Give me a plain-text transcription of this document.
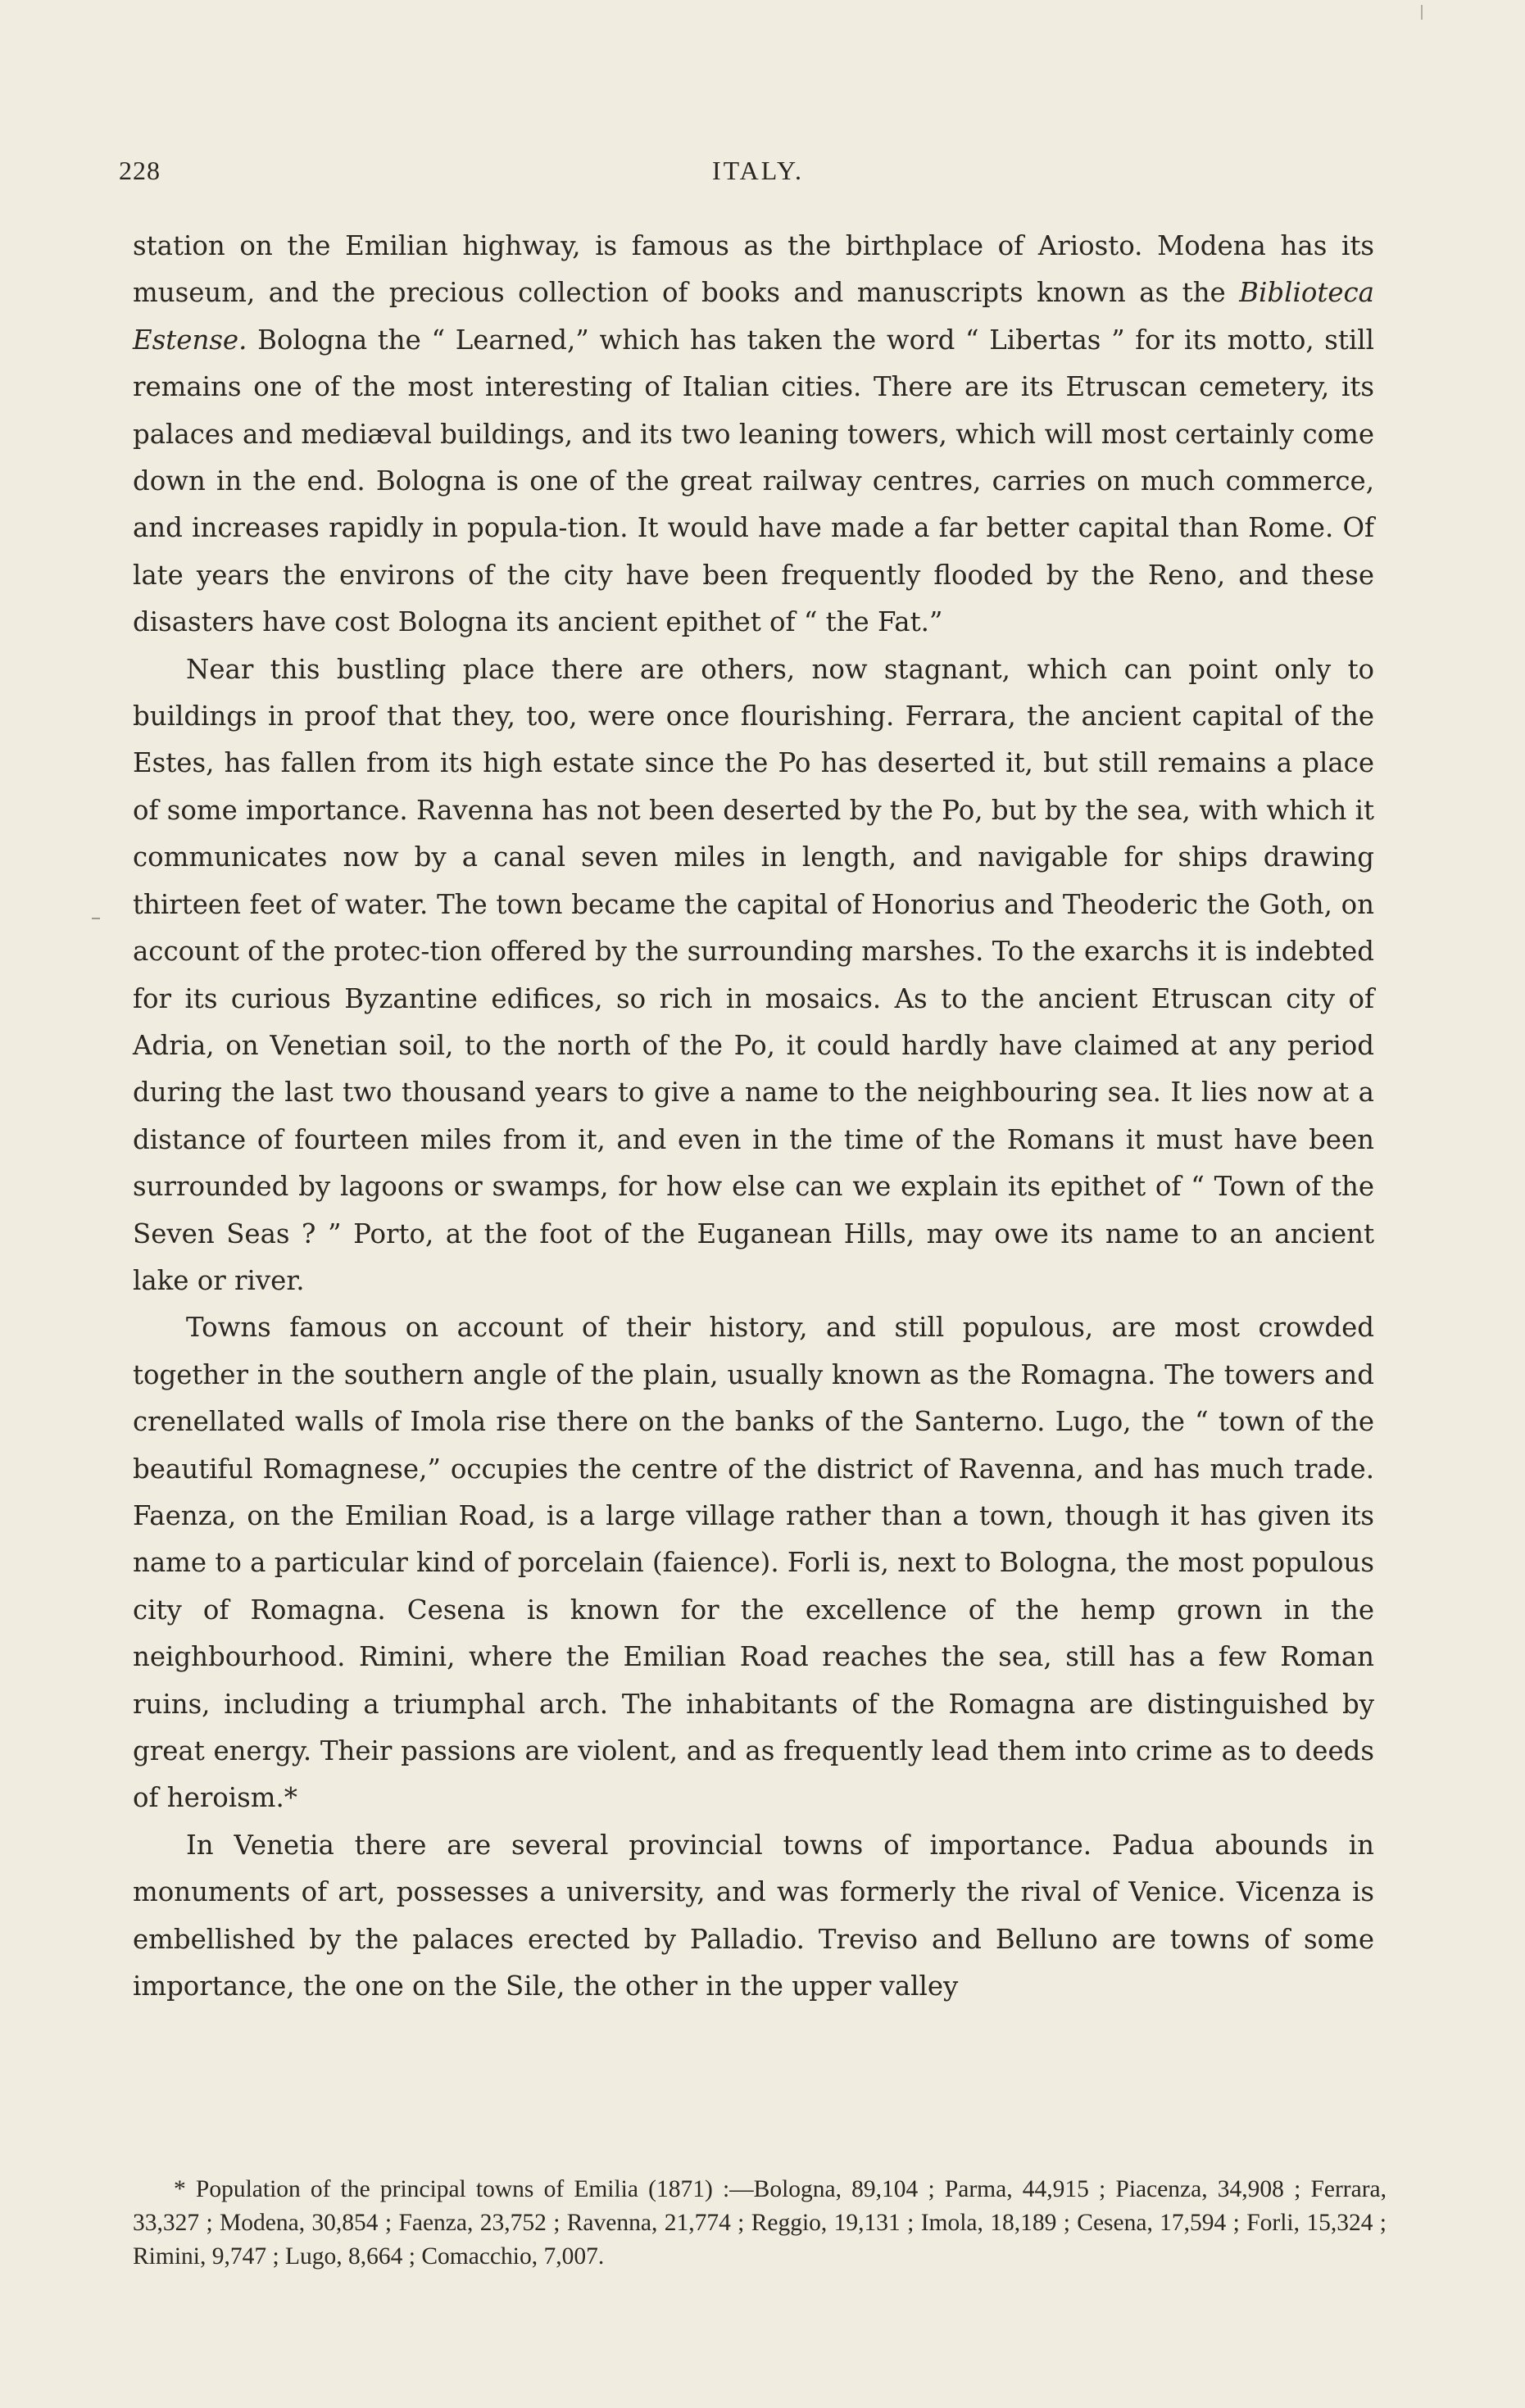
228	ITALY.

station on the Emilian highway, is famous as the birthplace of Ariosto. Modena has its museum, and the precious collection of books and manuscripts known as the Biblioteca Estense. Bologna the “ Learned,” which has taken the word “ Libertas ” for its motto, still remains one of the most interesting of Italian cities. There are its Etruscan cemetery, its palaces and mediæval buildings, and its two leaning towers, which will most certainly come down in the end. Bologna is one of the great railway centres, carries on much commerce, and increases rapidly in popula-tion. It would have made a far better capital than Rome. Of late years the environs of the city have been frequently flooded by the Reno, and these disasters have cost Bologna its ancient epithet of “ the Fat.”

Near this bustling place there are others, now stagnant, which can point only to buildings in proof that they, too, were once flourishing. Ferrara, the ancient capital of the Estes, has fallen from its high estate since the Po has deserted it, but still remains a place of some importance. Ravenna has not been deserted by the Po, but by the sea, with which it communicates now by a canal seven miles in length, and navigable for ships drawing thirteen feet of water. The town became the capital of Honorius and Theoderic the Goth, on account of the protec-tion offered by the surrounding marshes. To the exarchs it is indebted for its curious Byzantine edifices, so rich in mosaics. As to the ancient Etruscan city of Adria, on Venetian soil, to the north of the Po, it could hardly have claimed at any period during the last two thousand years to give a name to the neighbouring sea. It lies now at a distance of fourteen miles from it, and even in the time of the Romans it must have been surrounded by lagoons or swamps, for how else can we explain its epithet of “ Town of the Seven Seas ? ” Porto, at the foot of the Euganean Hills, may owe its name to an ancient lake or river.

Towns famous on account of their history, and still populous, are most crowded together in the southern angle of the plain, usually known as the Romagna. The towers and crenellated walls of Imola rise there on the banks of the Santerno. Lugo, the “ town of the beautiful Romagnese,” occupies the centre of the district of Ravenna, and has much trade. Faenza, on the Emilian Road, is a large village rather than a town, though it has given its name to a particular kind of porcelain (faience). Forli is, next to Bologna, the most populous city of Romagna. Cesena is known for the excellence of the hemp grown in the neighbourhood. Rimini, where the Emilian Road reaches the sea, still has a few Roman ruins, including a triumphal arch. The inhabitants of the Romagna are distinguished by great energy. Their passions are violent, and as frequently lead them into crime as to deeds of heroism.*

In Venetia there are several provincial towns of importance. Padua abounds in monuments of art, possesses a university, and was formerly the rival of Venice. Vicenza is embellished by the palaces erected by Palladio. Treviso and Belluno are towns of some importance, the one on the Sile, the other in the upper valley

* Population of the principal towns of Emilia (1871) :—Bologna, 89,104 ; Parma, 44,915 ; Piacenza, 34,908 ; Ferrara, 33,327 ; Modena, 30,854 ; Faenza, 23,752 ; Ravenna, 21,774 ; Reggio, 19,131 ; Imola, 18,189 ; Cesena, 17,594 ; Forli, 15,324 ; Rimini, 9,747 ; Lugo, 8,664 ; Comacchio, 7,007.
